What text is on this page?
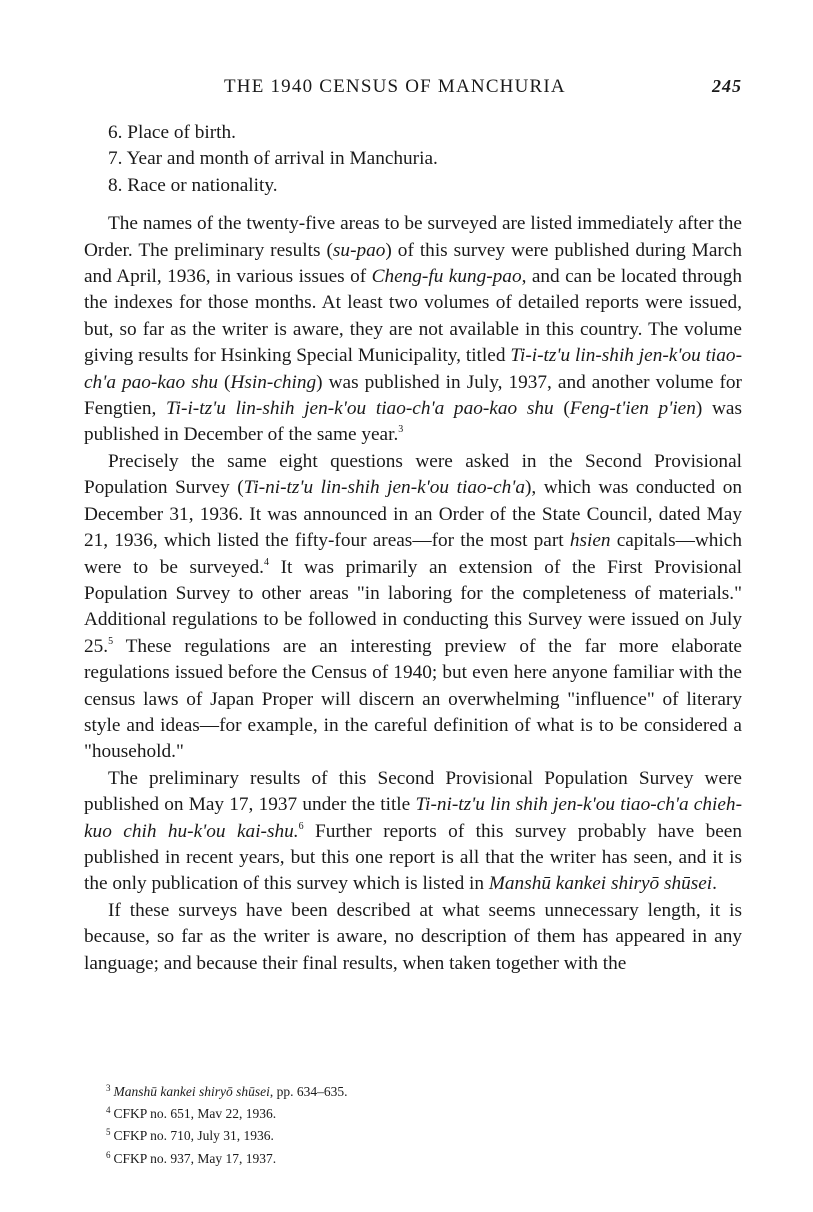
THE 1940 CENSUS OF MANCHURIA	245
6. Place of birth.
7. Year and month of arrival in Manchuria.
8. Race or nationality.

The names of the twenty-five areas to be surveyed are listed immediately after the Order. The preliminary results (su-pao) of this survey were published during March and April, 1936, in various issues of Cheng-fu kung-pao, and can be located through the indexes for those months. At least two volumes of detailed reports were issued, but, so far as the writer is aware, they are not available in this country. The volume giving results for Hsinking Special Municipality, titled Ti-i-tz'u lin-shih jen-k'ou tiao-ch'a pao-kao shu (Hsin-ching) was published in July, 1937, and another volume for Fengtien, Ti-i-tz'u lin-shih jen-k'ou tiao-ch'a pao-kao shu (Feng-t'ien p'ien) was published in December of the same year.$^3$

Precisely the same eight questions were asked in the Second Provisional Population Survey (Ti-ni-tz'u lin-shih jen-k'ou tiao-ch'a), which was conducted on December 31, 1936. It was announced in an Order of the State Council, dated May 21, 1936, which listed the fifty-four areas—for the most part hsien capitals—which were to be surveyed.$^4$ It was primarily an extension of the First Provisional Population Survey to other areas "in laboring for the completeness of materials." Additional regulations to be followed in conducting this Survey were issued on July 25.$^5$ These regulations are an interesting preview of the far more elaborate regulations issued before the Census of 1940; but even here anyone familiar with the census laws of Japan Proper will discern an overwhelming "influence" of literary style and ideas—for example, in the careful definition of what is to be considered a "household."

The preliminary results of this Second Provisional Population Survey were published on May 17, 1937 under the title Ti-ni-tz'u lin shih jen-k'ou tiao-ch'a chieh-kuo chih hu-k'ou kai-shu.$^6$ Further reports of this survey probably have been published in recent years, but this one report is all that the writer has seen, and it is the only publication of this survey which is listed in Manshū kankei shiryō shūsei.

If these surveys have been described at what seems unnecessary length, it is because, so far as the writer is aware, no description of them has appeared in any language; and because their final results, when taken together with the

$^3$ Manshū kankei shiryō shūsei, pp. 634–635.
$^4$ CFKP no. 651, Mav 22, 1936.
$^5$ CFKP no. 710, July 31, 1936.
$^6$ CFKP no. 937, May 17, 1937.
